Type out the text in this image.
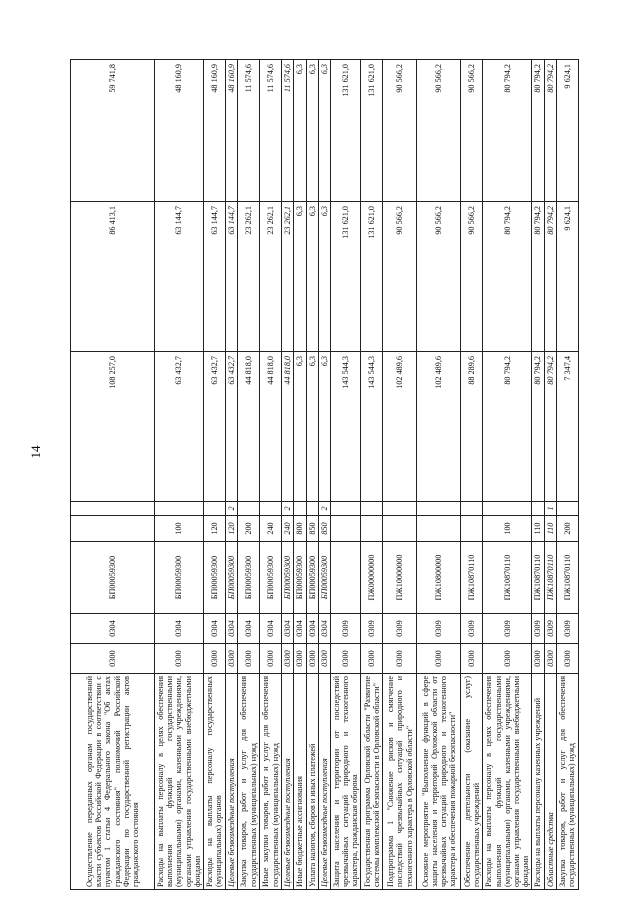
14
Осуществление переданных органам государственной власти субъектов Российской Федерации в соответствии с пунктом 1 статьи 4 Федерального закона "Об актах гражданского состояния" полномочий Российской Федерации по государственной регистрации актов гражданского состояния	0300	0304	БП00059300			108 257,0	86 413,1	59 741,8
Расходы на выплаты персоналу в целях обеспечения выполнения функций государственными (муниципальными) органами, казенными учреждениями, органами управления государственными внебюджетными фондами	0300	0304	БП00059300	100		63 432,7	63 144,7	48 160,9
Расходы на выплаты персоналу государственных (муниципальных) органов	0300	0304	БП00059300	120		63 432,7	63 144,7	48 160,9
Целевые безвозмездные поступления	0300	0304	БП00059300	120	2	63 432,7	63 144,7	48 160,9
Закупка товаров, работ и услуг для обеспечения государственных (муниципальных) нужд	0300	0304	БП00059300	200		44 818,0	23 262,1	11 574,6
Иные закупки товаров, работ и услуг для обеспечения государственных (муниципальных) нужд	0300	0304	БП00059300	240		44 818,0	23 262,1	11 574,6
Целевые безвозмездные поступления	0300	0304	БП00059300	240	2	44 818,0	23 262,1	11 574,6
Иные бюджетные ассигнования	0300	0304	БП00059300	800		6,3	6,3	6,3
Уплата налогов, сборов и иных платежей	0300	0304	БП00059300	850		6,3	6,3	6,3
Целевые безвозмездные поступления	0300	0304	БП00059300	850	2	6,3	6,3	6,3
Защита населения и территории от последствий чрезвычайных ситуаций природного и техногенного характера, гражданская оборона	0300	0309				143 544,3	131 621,0	131 621,0
Государственная программа Орловской области "Развитие системы комплексной безопасности в Орловской области"	0300	0309	ПЖ00000000			143 544,3	131 621,0	131 621,0
Подпрограмма 1 "Снижение рисков и смягчение последствий чрезвычайных ситуаций природного и техногенного характера в Орловской области"	0300	0309	ПЖ10000000			102 489,6	90 566,2	90 566,2
Основное мероприятие "Выполнение функций в сфере защиты населения и территорий Орловской области от чрезвычайных ситуаций природного и техногенного характера и обеспечения пожарной безопасности"	0300	0309	ПЖ10800000			102 489,6	90 566,2	90 566,2
Обеспечение деятельности (оказание услуг) государственных учреждений	0300	0309	ПЖ10870110			88 289,6	90 566,2	90 566,2
Расходы на выплаты персоналу в целях обеспечения выполнения функций государственными (муниципальными) органами, казенными учреждениями, органами управления государственными внебюджетными фондами	0300	0309	ПЖ10870110	100		80 794,2	80 794,2	80 794,2
Расходы на выплаты персоналу казенных учреждений	0300	0309	ПЖ10870110	110		80 794,2	80 794,2	80 794,2
Областные средства	0300	0309	ПЖ10870110	110	1	80 794,2	80 794,2	80 794,2
Закупка товаров, работ и услуг для обеспечения государственных (муниципальных) нужд	0300	0309	ПЖ10870110	200		7 347,4	9 624,1	9 624,1
